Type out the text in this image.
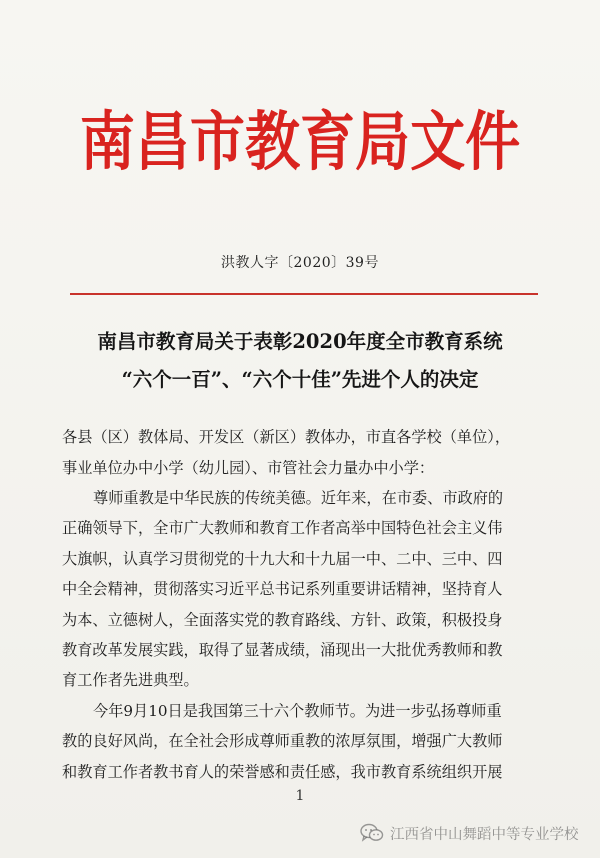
南昌市教育局文件
洪教人字〔2020〕39号
南昌市教育局关于表彰2020年度全市教育系统
“六个一百”、“六个十佳”先进个人的决定
各县（区）教体局、开发区（新区）教体办，市直各学校（单位），
事业单位办中小学（幼儿园）、市管社会力量办中小学：
尊师重教是中华民族的传统美德。近年来，在市委、市政府的
正确领导下，全市广大教师和教育工作者高举中国特色社会主义伟
大旗帜，认真学习贯彻党的十九大和十九届一中、二中、三中、四
中全会精神，贯彻落实习近平总书记系列重要讲话精神，坚持育人
为本、立德树人，全面落实党的教育路线、方针、政策，积极投身
教育改革发展实践，取得了显著成绩，涌现出一大批优秀教师和教
育工作者先进典型。
今年9月10日是我国第三十六个教师节。为进一步弘扬尊师重
教的良好风尚，在全社会形成尊师重教的浓厚氛围，增强广大教师
和教育工作者教书育人的荣誉感和责任感，我市教育系统组织开展
1
江西省中山舞蹈中等专业学校
